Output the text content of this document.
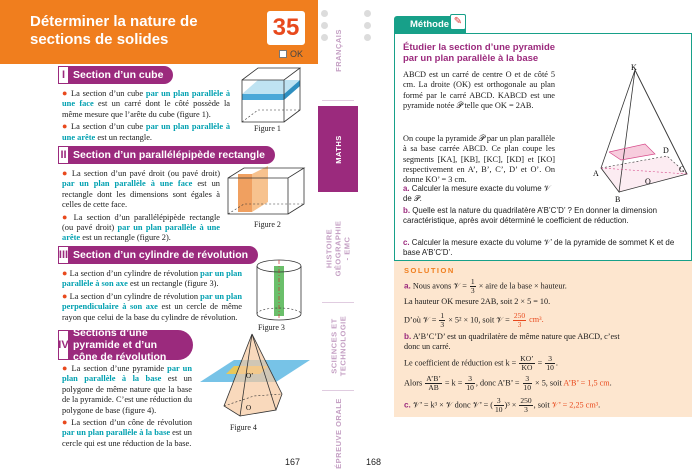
Déterminer la nature de sections de solides	35
OK
I Section d’un cube

● La section d’un cube par un plan parallèle à une face est un carré dont le côté possède la même mesure que l’arête du cube (figure 1).

● La section d’un cube par un plan parallèle à une arête est un rectangle.

Figure 1
II Section d’un parallélépipède rectangle

● La section d’un pavé droit (ou pavé droit) par un plan parallèle à une face est un rectangle dont les dimensions sont égales à celles de cette face.

● La section d’un parallélépipède rectangle (ou pavé droit) par un plan parallèle à une arête est un rectangle (figure 2).

Figure 2
III Section d’un cylindre de révolution

● La section d’un cylindre de révolution par un plan parallèle à son axe est un rectangle (figure 3).

● La section d’un cylindre de révolution par un plan perpendiculaire à son axe est un cercle de même rayon que celui de la base du cylindre de révolution.

Figure 3
IV
Sections d’une pyramide et d’un cône de révolution

● La section d’une pyramide par un plan parallèle à la base est un polygone de même nature que la base de la pyramide. C’est une réduction du polygone de base (figure 4).

● La section d’un cône de révolution par un plan parallèle à la base est un cercle qui est une réduction de la base.

O’
O
Figure 4
167
FRANÇAIS
MATHS
HISTOIRE GÉOGRAPHIE - EMC
SCIENCES ET TECHNOLOGIE
ÉPREUVE ORALE
Méthode ✎
Étudier la section d’une pyramide par un plan parallèle à la base
ABCD est un carré de centre O et de côté 5 cm. La droite (OK) est orthogonale au plan formé par le carré ABCD. KABCD est une pyramide notée 𝒫 telle que OK = 2AB.
On coupe la pyramide 𝒫 par un plan parallèle à sa base carrée ABCD. Ce plan coupe les segments [KA], [KB], [KC], [KD] et [KO] respectivement en A’, B’, C’, D’ et O’. On donne KO’ = 3 cm.
a. Calculer la mesure exacte du volume 𝒱 de 𝒫.
b. Quelle est la nature du quadrilatère A’B’C’D’ ? En donner la dimension caractéristique, après avoir déterminé le coefficient de réduction.
c. Calculer la mesure exacte du volume 𝒱’ de la pyramide de sommet K et de base A’B’C’D’.
K
D
C
A
B
O
SOLUTION
a. Nous avons 𝒱 = $\frac{1}{3}$ × aire de la base × hauteur.
La hauteur OK mesure 2AB, soit 2 × 5 = 10.
D’où 𝒱 = $\frac{1}{3} \times 5^2 \times 10$, soit 𝒱 = $\frac{250}{3} cm^3$.
b. A’B’C’D’ est un quadrilatère de même nature que ABCD, c’est
donc un carré.
Le coefficient de réduction est $k = \frac{KO’}{KO} = \frac{3}{10}$ .
Alors $\frac{A’B’}{AB} = k = \frac{3}{10}$ , donc A’B’ = $\frac{3}{10} \times 5$, soit A’B’ = 1,5 cm.
c. 𝒱’ = k³ × 𝒱 donc 𝒱’ = ( $\frac{3}{10} )^3 \times \frac{250}{3}$ , soit 𝒱’ = 2,25 cm³.
168
